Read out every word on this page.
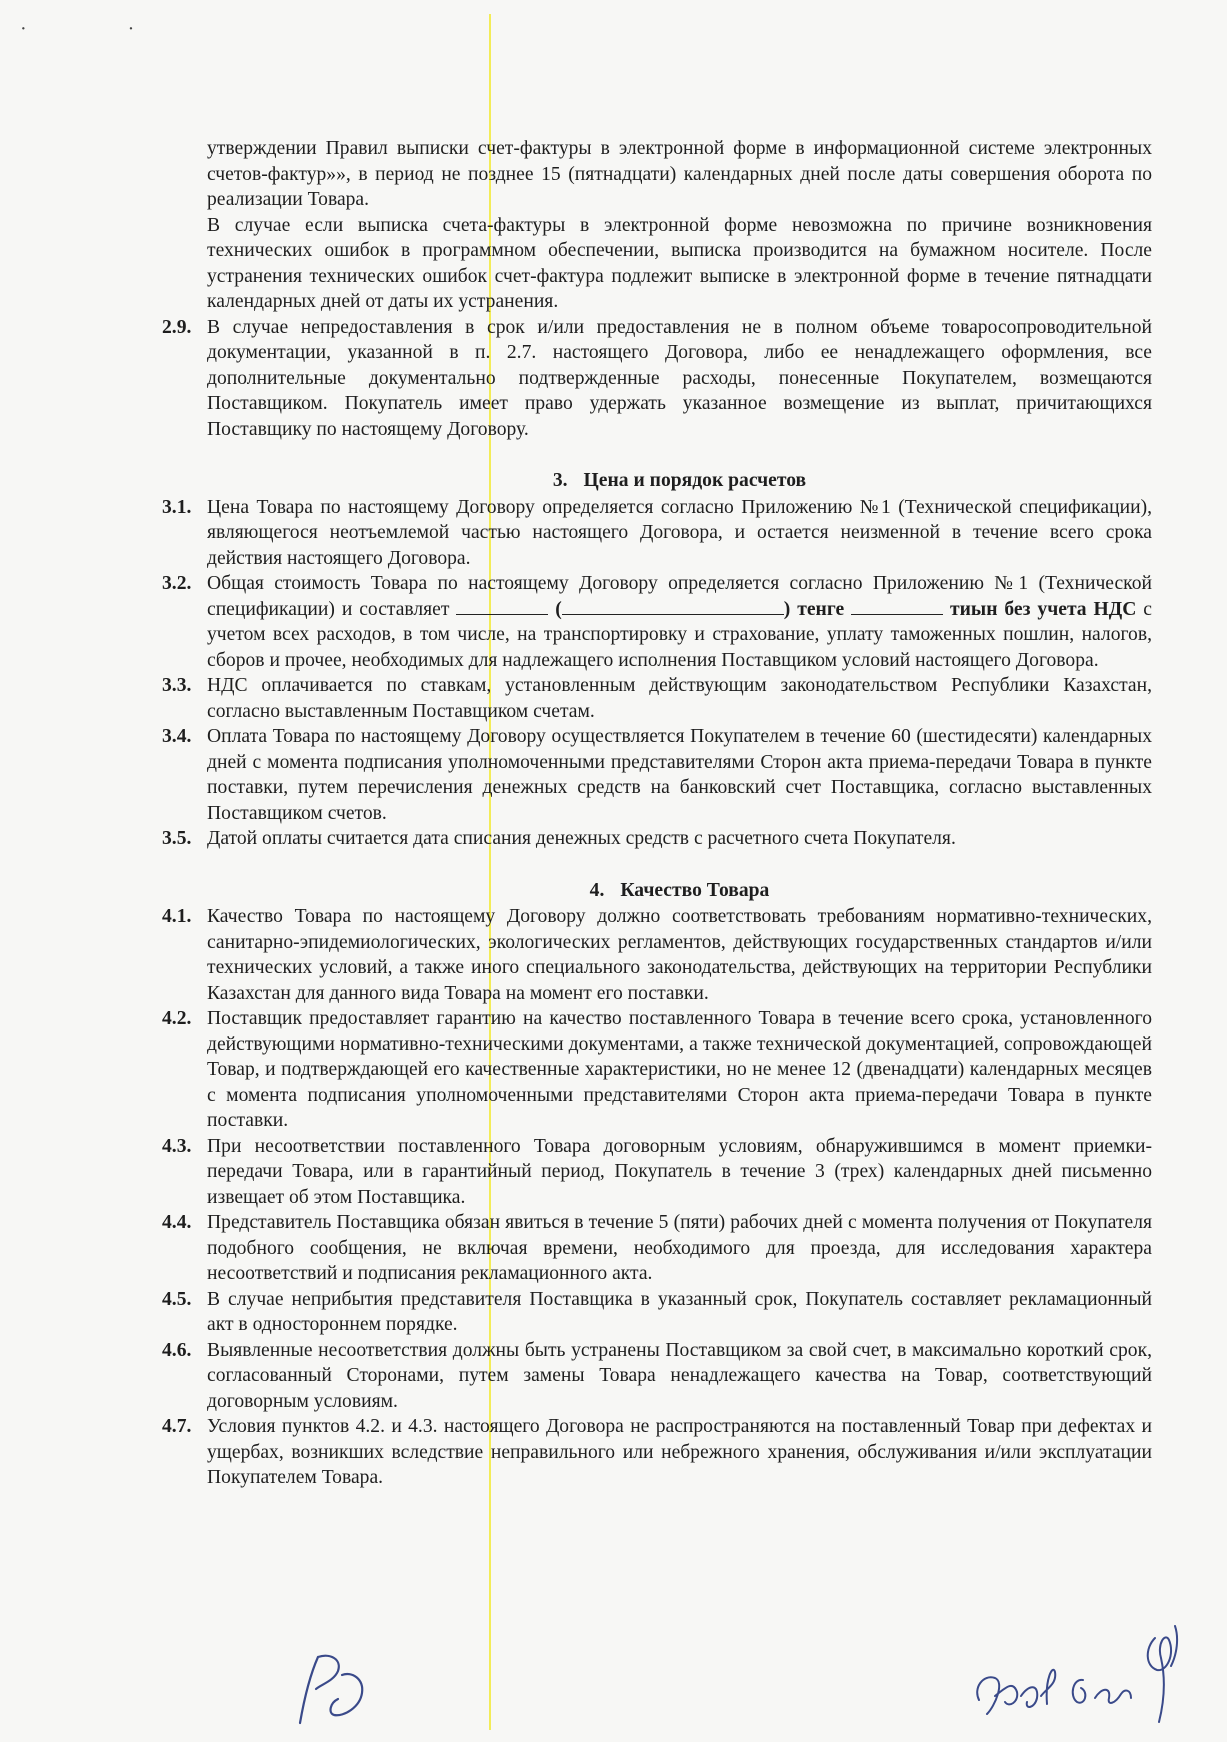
· ·

утверждении Правил выписки счет-фактуры в электронной форме в информационной системе электронных счетов-фактур»», в период не позднее 15 (пятнадцати) календарных дней после даты совершения оборота по реализации Товара.

В случае если выписка счета-фактуры в электронной форме невозможна по причине возникновения технических ошибок в программном обеспечении, выписка производится на бумажном носителе. После устранения технических ошибок счет-фактура подлежит выписке в электронной форме в течение пятнадцати календарных дней от даты их устранения.

2.9. В случае непредоставления в срок и/или предоставления не в полном объеме товаросопроводительной документации, указанной в п. 2.7. настоящего Договора, либо ее ненадлежащего оформления, все дополнительные документально подтвержденные расходы, понесенные Покупателем, возмещаются Поставщиком. Покупатель имеет право удержать указанное возмещение из выплат, причитающихся Поставщику по настоящему Договору.
3. Цена и порядок расчетов
3.1. Цена Товара по настоящему Договору определяется согласно Приложению №1 (Технической спецификации), являющегося неотъемлемой частью настоящего Договора, и остается неизменной в течение всего срока действия настоящего Договора.
3.2. Общая стоимость Товара по настоящему Договору определяется согласно Приложению №1 (Технической спецификации) и составляет	(	) тенге	тиын без учета НДС с учетом всех расходов, в том числе, на транспортировку и страхование, уплату таможенных пошлин, налогов, сборов и прочее, необходимых для надлежащего исполнения Поставщиком условий настоящего Договора.
3.3. НДС оплачивается по ставкам, установленным действующим законодательством Республики Казахстан, согласно выставленным Поставщиком счетам.
3.4. Оплата Товара по настоящему Договору осуществляется Покупателем в течение 60 (шестидесяти) календарных дней с момента подписания уполномоченными представителями Сторон акта приема-передачи Товара в пункте поставки, путем перечисления денежных средств на банковский счет Поставщика, согласно выставленных Поставщиком счетов.
3.5. Датой оплаты считается дата списания денежных средств с расчетного счета Покупателя.
4. Качество Товара
4.1. Качество Товара по настоящему Договору должно соответствовать требованиям нормативно-технических, санитарно-эпидемиологических, экологических регламентов, действующих государственных стандартов и/или технических условий, а также иного специального законодательства, действующих на территории Республики Казахстан для данного вида Товара на момент его поставки.
4.2. Поставщик предоставляет гарантию на качество поставленного Товара в течение всего срока, установленного действующими нормативно-техническими документами, а также технической документацией, сопровождающей Товар, и подтверждающей его качественные характеристики, но не менее 12 (двенадцати) календарных месяцев с момента подписания уполномоченными представителями Сторон акта приема-передачи Товара в пункте поставки.
4.3. При несоответствии поставленного Товара договорным условиям, обнаружившимся в момент приемки-передачи Товара, или в гарантийный период, Покупатель в течение 3 (трех) календарных дней письменно извещает об этом Поставщика.
4.4. Представитель Поставщика обязан явиться в течение 5 (пяти) рабочих дней с момента получения от Покупателя подобного сообщения, не включая времени, необходимого для проезда, для исследования характера несоответствий и подписания рекламационного акта.
4.5. В случае неприбытия представителя Поставщика в указанный срок, Покупатель составляет рекламационный акт в одностороннем порядке.
4.6. Выявленные несоответствия должны быть устранены Поставщиком за свой счет, в максимально короткий срок, согласованный Сторонами, путем замены Товара ненадлежащего качества на Товар, соответствующий договорным условиям.
4.7. Условия пунктов 4.2. и 4.3. настоящего Договора не распространяются на поставленный Товар при дефектах и ущербах, возникших вследствие неправильного или небрежного хранения, обслуживания и/или эксплуатации Покупателем Товара.
